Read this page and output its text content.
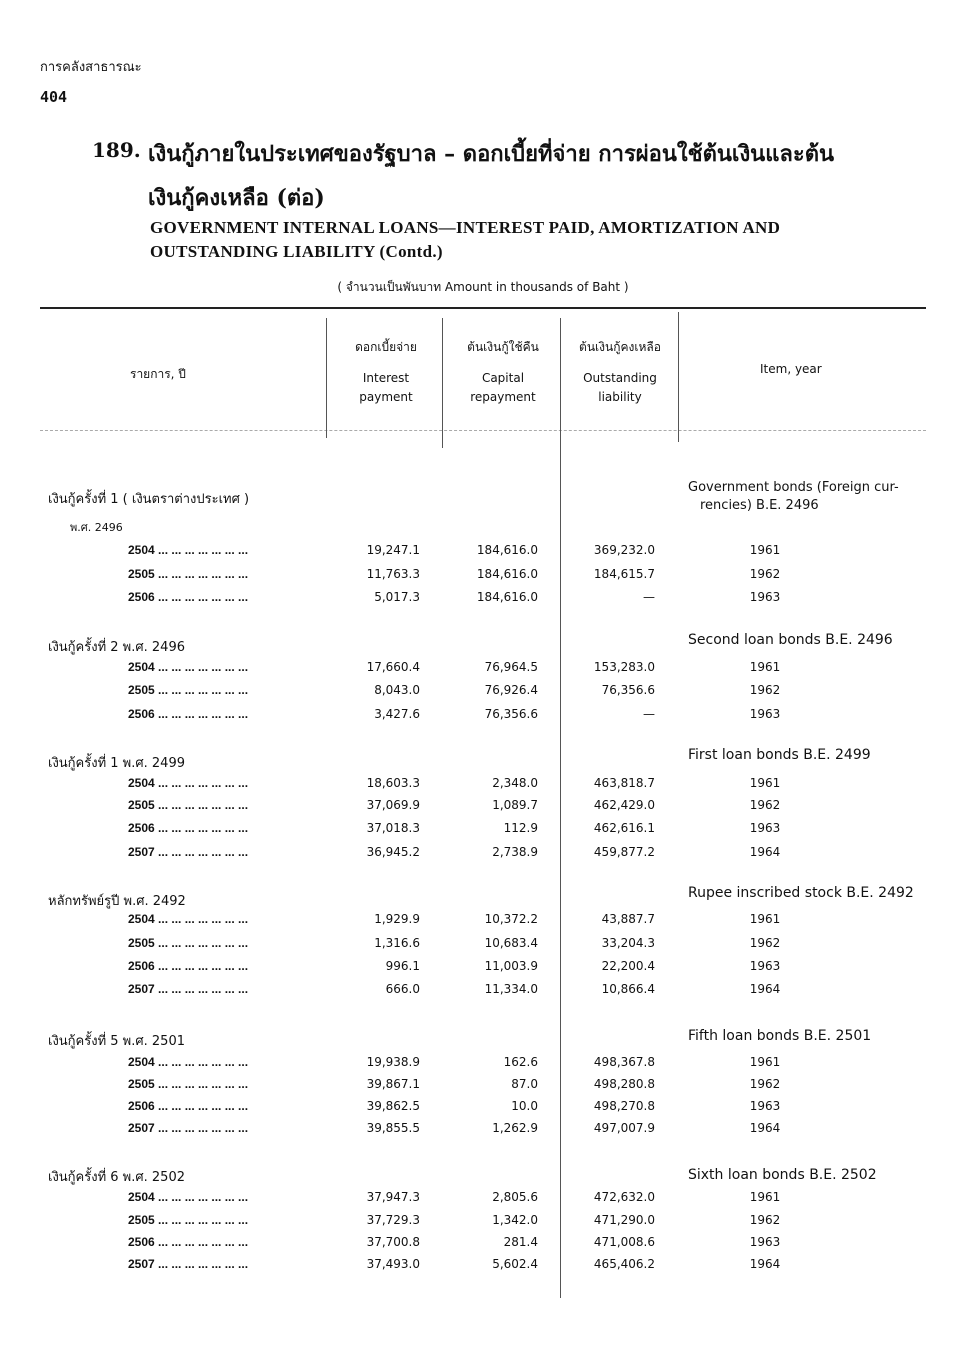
การคลังสาธารณะ
404
189. เงินกู้ภายในประเทศของรัฐบาล – ดอกเบี้ยที่จ่าย การผ่อนใช้ต้นเงินและต้น
เงินกู้คงเหลือ (ต่อ)
GOVERNMENT INTERNAL LOANS—INTEREST PAID, AMORTIZATION AND
OUTSTANDING LIABILITY (Contd.)
( จำนวนเป็นพันบาท Amount in thousands of Baht )
รายการ, ปี
ดอกเบี้ยจ่าย
Interest
payment
ต้นเงินกู้ใช้คืน
Capital
repayment
ต้นเงินกู้คงเหลือ
Outstanding
liability
Item, year
เงินกู้ครั้งที่ 1 ( เงินตราต่างประเทศ )
พ.ศ. 2496
Government bonds (Foreign cur-
rencies) B.E. 2496
2504 ... ... ... ... ... ... ...	19,247.1	184,616.0	369,232.0	1961
2505 ... ... ... ... ... ... ...	11,763.3	184,616.0	184,615.7	1962
2506 ... ... ... ... ... ... ...	5,017.3	184,616.0	—	1963
เงินกู้ครั้งที่ 2 พ.ศ. 2496	Second loan bonds B.E. 2496
2504 ... ... ... ... ... ... ...	17,660.4	76,964.5	153,283.0	1961
2505 ... ... ... ... ... ... ...	8,043.0	76,926.4	76,356.6	1962
2506 ... ... ... ... ... ... ...	3,427.6	76,356.6	—	1963
เงินกู้ครั้งที่ 1 พ.ศ. 2499
First loan bonds B.E. 2499
2504 ... ... ... ... ... ... ...	18,603.3	2,348.0	463,818.7	1961
2505 ... ... ... ... ... ... ...	37,069.9	1,089.7	462,429.0	1962
2506 ... ... ... ... ... ... ...	37,018.3	112.9	462,616.1	1963
2507 ... ... ... ... ... ... ...	36,945.2	2,738.9	459,877.2	1964
หลักทรัพย์รูปี พ.ศ. 2492
Rupee inscribed stock B.E. 2492
2504 ... ... ... ... ... ... ...	1,929.9	10,372.2	43,887.7	1961
2505 ... ... ... ... ... ... ...	1,316.6	10,683.4	33,204.3	1962
2506 ... ... ... ... ... ... ...	996.1	11,003.9	22,200.4	1963
2507 ... ... ... ... ... ... ...	666.0	11,334.0	10,866.4	1964
เงินกู้ครั้งที่ 5 พ.ศ. 2501	Fifth loan bonds B.E. 2501
2504 ... ... ... ... ... ... ...	19,938.9	162.6	498,367.8	1961
2505 ... ... ... ... ... ... ...	39,867.1	87.0	498,280.8	1962
2506 ... ... ... ... ... ... ...	39,862.5	10.0	498,270.8	1963
2507 ... ... ... ... ... ... ...	39,855.5	1,262.9	497,007.9	1964
เงินกู้ครั้งที่ 6 พ.ศ. 2502	Sixth loan bonds B.E. 2502
2504 ... ... ... ... ... ... ...	37,947.3	2,805.6	472,632.0	1961
2505 ... ... ... ... ... ... ...	37,729.3	1,342.0	471,290.0	1962
2506 ... ... ... ... ... ... ...	37,700.8	281.4	471,008.6	1963
2507 ... ... ... ... ... ... ...	37,493.0	5,602.4	465,406.2	1964
